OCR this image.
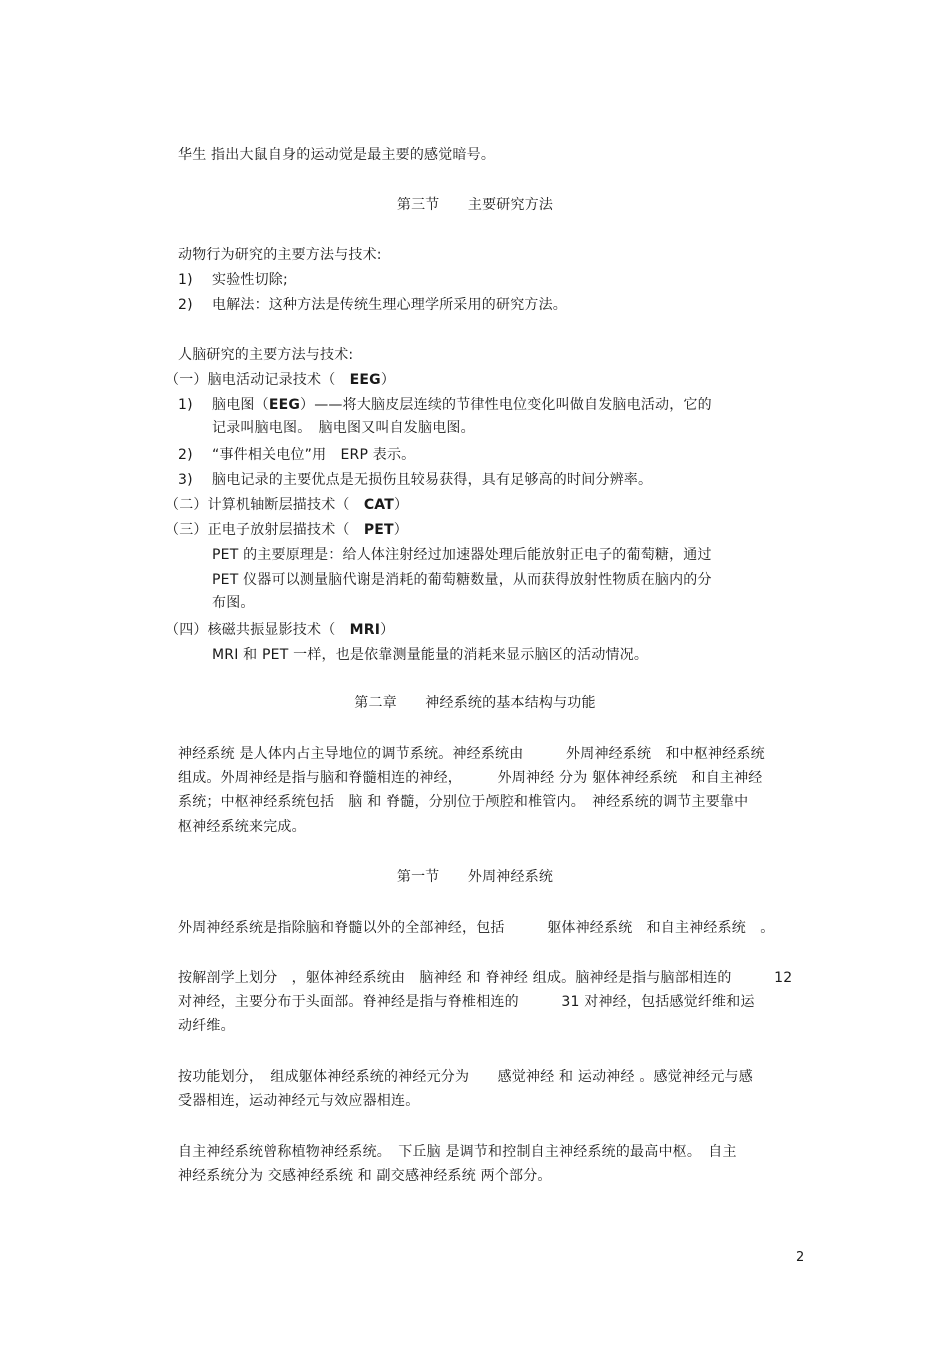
华生 指出大鼠自身的运动觉是最主要的感觉暗号。
第三节　　主要研究方法
动物行为研究的主要方法与技术:
1) 实验性切除;
2) 电解法：这种方法是传统生理心理学所采用的研究方法。
人脑研究的主要方法与技术:
（一）脑电活动记录技术（　EEG）
1) 脑电图（EEG）——将大脑皮层连续的节律性电位变化叫做自发脑电活动，它的
记录叫脑电图。　脑电图又叫自发脑电图。
2) “事件相关电位”用　ERP 表示。
3) 脑电记录的主要优点是无损伤且较易获得，具有足够高的时间分辨率。
（二）计算机轴断层描技术（　CAT）
（三）正电子放射层描技术（　PET）
PET 的主要原理是：给人体注射经过加速器处理后能放射正电子的葡萄糖，通过
PET 仪器可以测量脑代谢是消耗的葡萄糖数量，从而获得放射性物质在脑内的分
布图。
（四）核磁共振显影技术（　MRI）
MRI 和 PET 一样，也是依靠测量能量的消耗来显示脑区的活动情况。
第二章　　神经系统的基本结构与功能
神经系统 是人体内占主导地位的调节系统。神经系统由　　　外周神经系统　和中枢神经系统
组成。外周神经是指与脑和脊髓相连的神经，　　　外周神经 分为 躯体神经系统　和自主神经
系统；中枢神经系统包括　脑 和 脊髓，分别位于颅腔和椎管内。　神经系统的调节主要靠中
枢神经系统来完成。
第一节　　外周神经系统
外周神经系统是指除脑和脊髓以外的全部神经，包括　　　躯体神经系统　和自主神经系统　。
按解剖学上划分　，躯体神经系统由　脑神经 和 脊神经 组成。脑神经是指与脑部相连的　　　12
对神经，主要分布于头面部。脊神经是指与脊椎相连的　　　31 对神经，包括感觉纤维和运
动纤维。
按功能划分，　组成躯体神经系统的神经元分为　　感觉神经 和 运动神经 。感觉神经元与感
受器相连，运动神经元与效应器相连。
自主神经系统曾称植物神经系统。　下丘脑 是调节和控制自主神经系统的最高中枢。　自主
神经系统分为 交感神经系统 和 副交感神经系统 两个部分。
2
